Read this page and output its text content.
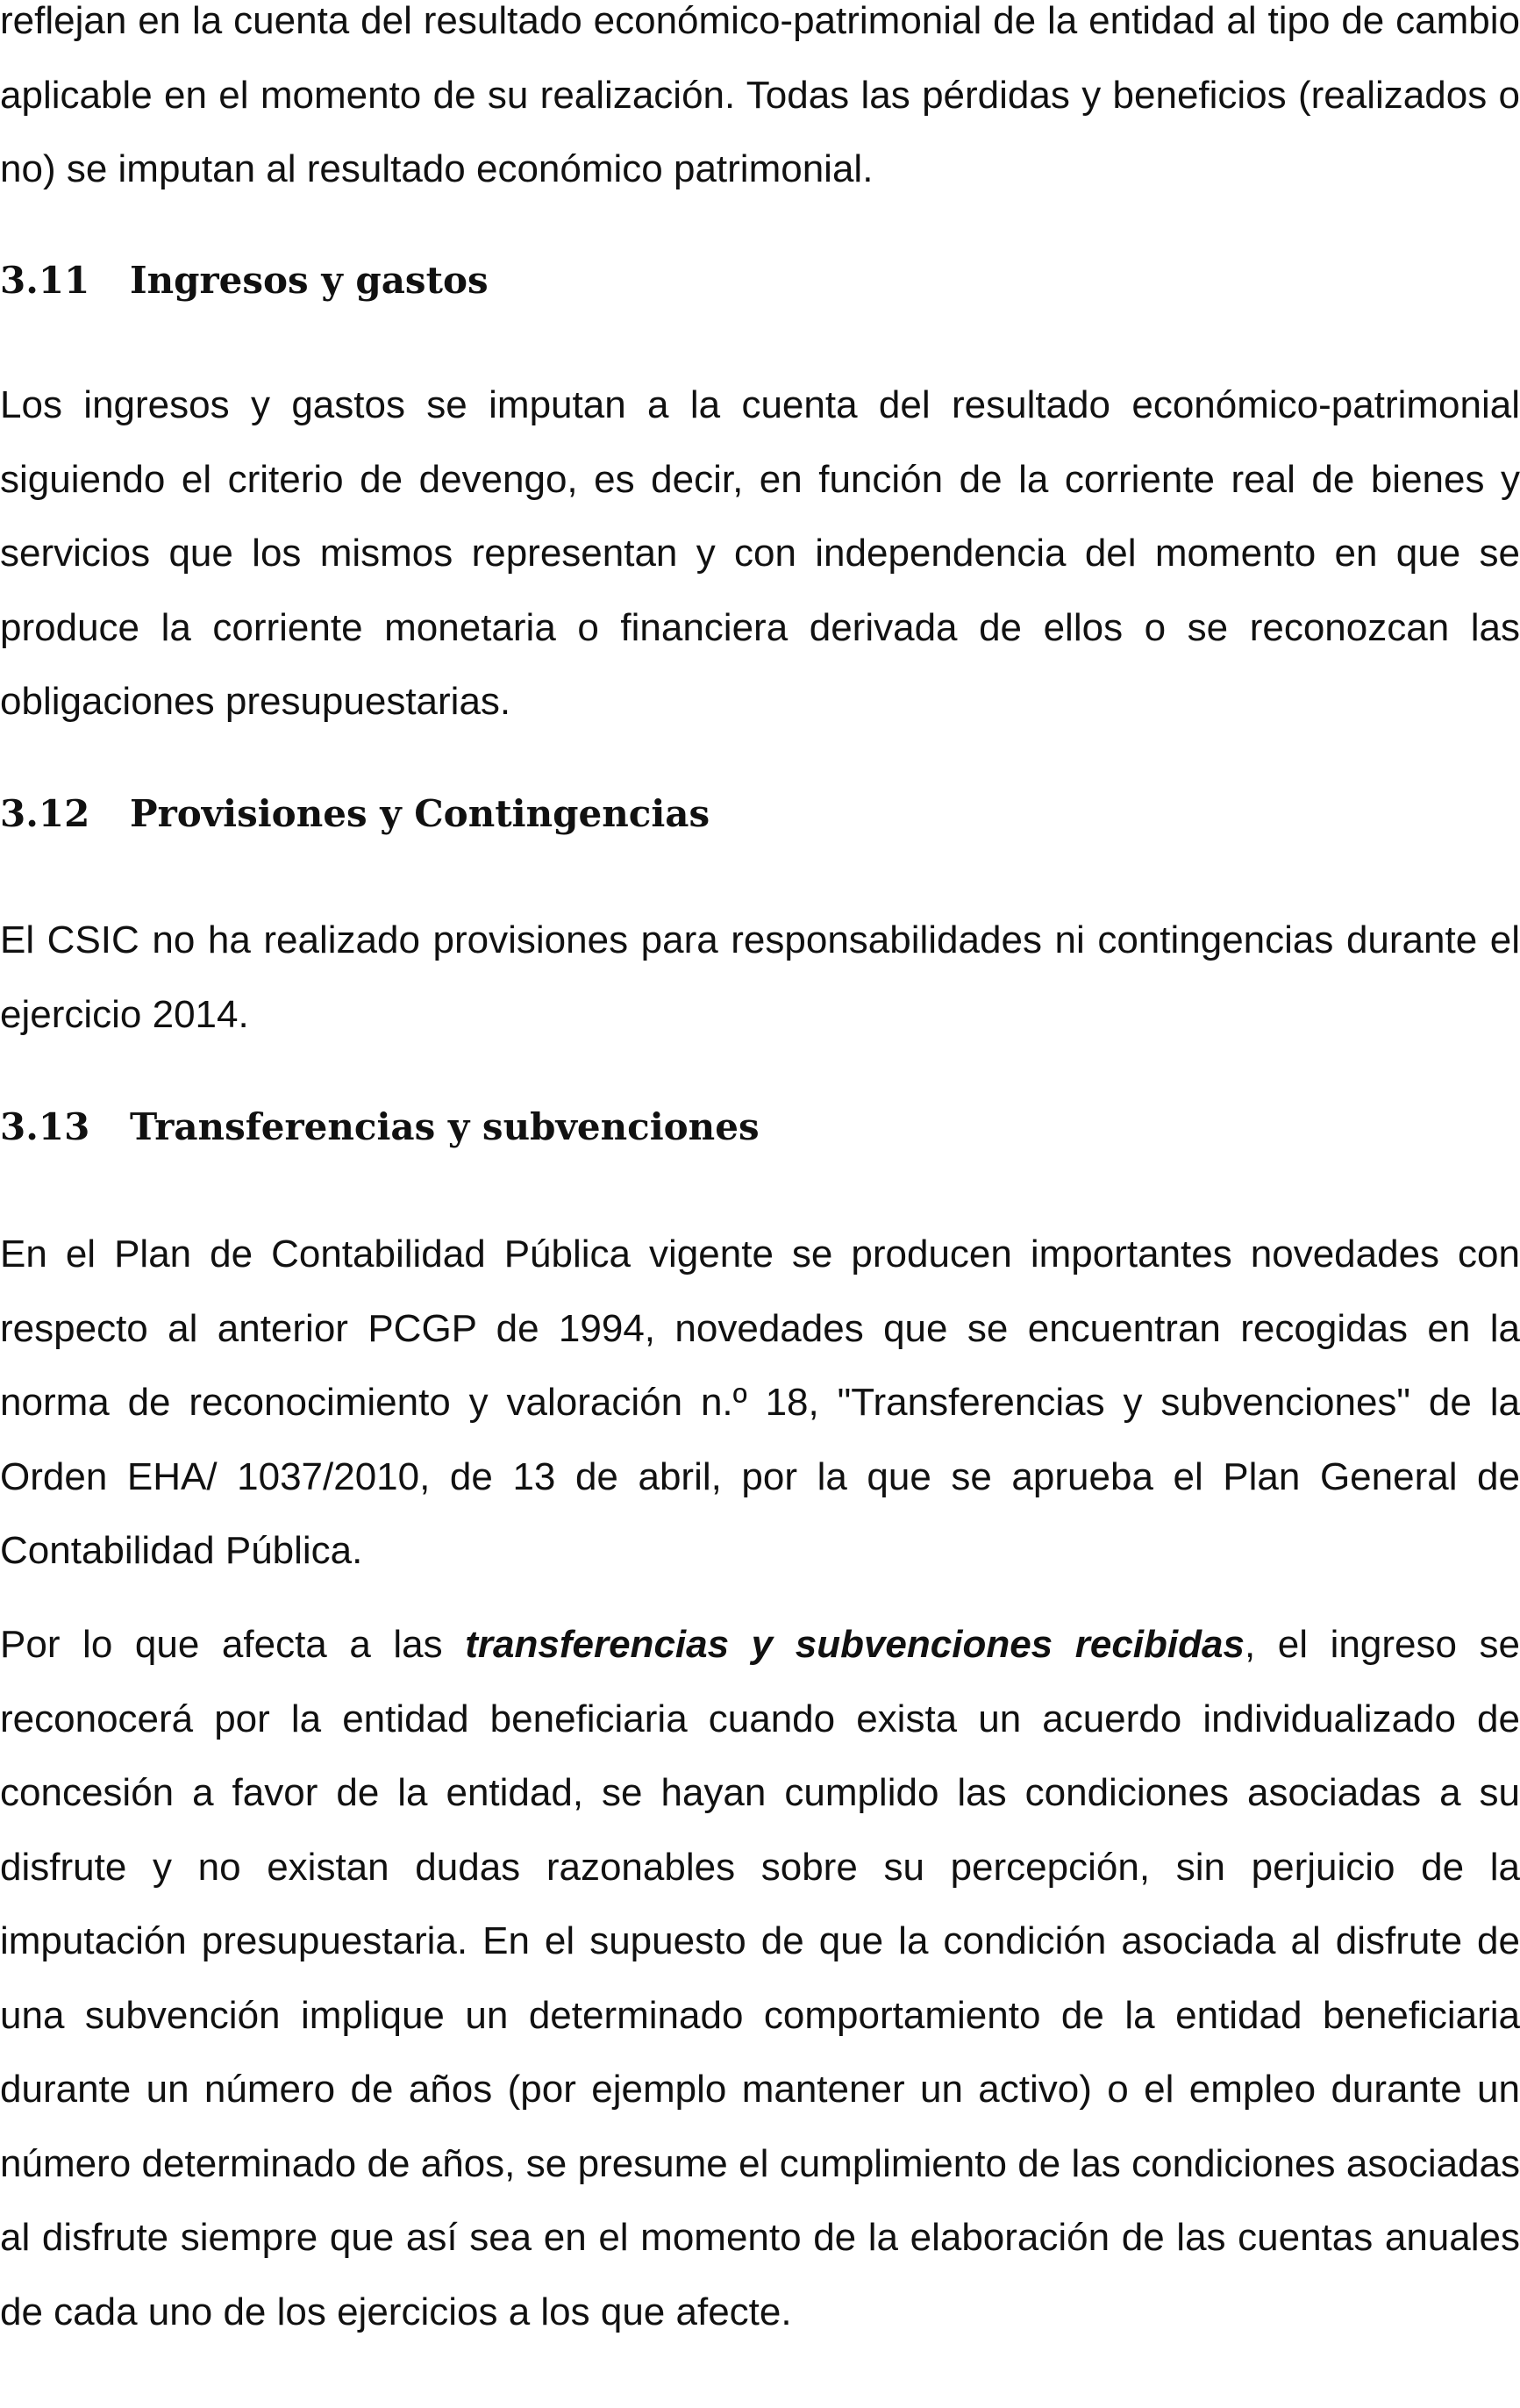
reflejan en la cuenta del resultado económico-patrimonial de la entidad al tipo de cambio aplicable en el momento de su realización. Todas las pérdidas y beneficios (realizados o no) se imputan al resultado económico patrimonial.

3.11 Ingresos y gastos

Los ingresos y gastos se imputan a la cuenta del resultado económico-patrimonial siguiendo el criterio de devengo, es decir, en función de la corriente real de bienes y servicios que los mismos representan y con independencia del momento en que se produce la corriente monetaria o financiera derivada de ellos o se reconozcan las obligaciones presupuestarias.

3.12 Provisiones y Contingencias

El CSIC no ha realizado provisiones para responsabilidades ni contingencias durante el ejercicio 2014.

3.13 Transferencias y subvenciones

En el Plan de Contabilidad Pública vigente se producen importantes novedades con respecto al anterior PCGP de 1994, novedades que se encuentran recogidas en la norma de reconocimiento y valoración n.º 18, "Transferencias y subvenciones" de la Orden EHA/ 1037/2010, de 13 de abril, por la que se aprueba el Plan General de Contabilidad Pública.

Por lo que afecta a las transferencias y subvenciones recibidas, el ingreso se reconocerá por la entidad beneficiaria cuando exista un acuerdo individualizado de concesión a favor de la entidad, se hayan cumplido las condiciones asociadas a su disfrute y no existan dudas razonables sobre su percepción, sin perjuicio de la imputación presupuestaria. En el supuesto de que la condición asociada al disfrute de una subvención implique un determinado comportamiento de la entidad beneficiaria durante un número de años (por ejemplo mantener un activo) o el empleo durante un número determinado de años, se presume el cumplimiento de las condiciones asociadas al disfrute siempre que así sea en el momento de la elaboración de las cuentas anuales de cada uno de los ejercicios a los que afecte.
